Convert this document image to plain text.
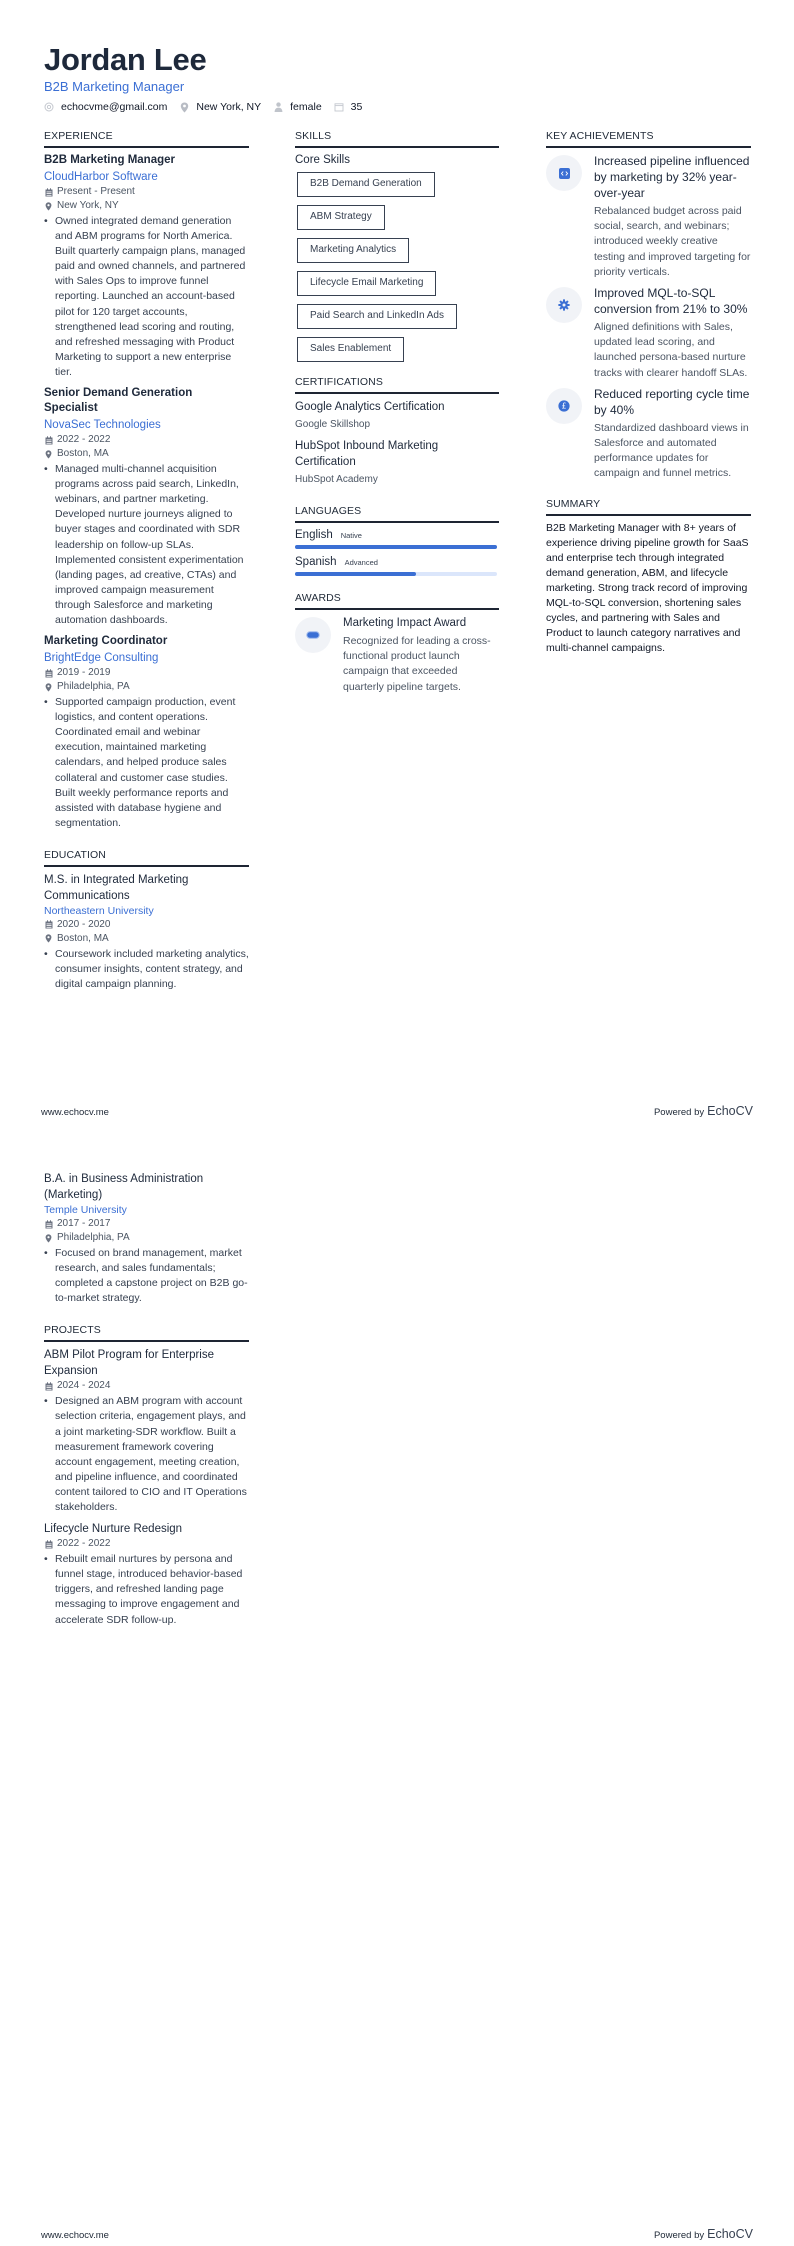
Jordan Lee
B2B Marketing Manager
echocvme@gmail.com	New York, NY	female	35
EXPERIENCE
B2B Marketing Manager
CloudHarbor Software
Present - Present
New York, NY
• Owned integrated demand generation and ABM programs for North America. Built quarterly campaign plans, managed paid and owned channels, and partnered with Sales Ops to improve funnel reporting. Launched an account-based pilot for 120 target accounts, strengthened lead scoring and routing, and refreshed messaging with Product Marketing to support a new enterprise tier.
Senior Demand Generation Specialist
NovaSec Technologies
2022 - 2022
Boston, MA
• Managed multi-channel acquisition programs across paid search, LinkedIn, webinars, and partner marketing. Developed nurture journeys aligned to buyer stages and coordinated with SDR leadership on follow-up SLAs. Implemented consistent experimentation (landing pages, ad creative, CTAs) and improved campaign measurement through Salesforce and marketing automation dashboards.
Marketing Coordinator
BrightEdge Consulting
2019 - 2019
Philadelphia, PA
• Supported campaign production, event logistics, and content operations. Coordinated email and webinar execution, maintained marketing calendars, and helped produce sales collateral and customer case studies. Built weekly performance reports and assisted with database hygiene and segmentation.
EDUCATION
M.S. in Integrated Marketing Communications
Northeastern University
2020 - 2020
Boston, MA
• Coursework included marketing analytics, consumer insights, content strategy, and digital campaign planning.
SKILLS
Core Skills
B2B Demand Generation
ABM Strategy
Marketing Analytics
Lifecycle Email Marketing
Paid Search and LinkedIn Ads
Sales Enablement
CERTIFICATIONS
Google Analytics Certification
Google Skillshop
HubSpot Inbound Marketing Certification
HubSpot Academy
LANGUAGES
English Native
Spanish Advanced
AWARDS
Marketing Impact Award
Recognized for leading a cross-functional product launch campaign that exceeded quarterly pipeline targets.
KEY ACHIEVEMENTS
Increased pipeline influenced by marketing by 32% year-over-year
Rebalanced budget across paid social, search, and webinars; introduced weekly creative testing and improved targeting for priority verticals.
Improved MQL-to-SQL conversion from 21% to 30%
Aligned definitions with Sales, updated lead scoring, and launched persona-based nurture tracks with clearer handoff SLAs.
£
Reduced reporting cycle time by 40%
Standardized dashboard views in Salesforce and automated performance updates for campaign and funnel metrics.
SUMMARY
B2B Marketing Manager with 8+ years of experience driving pipeline growth for SaaS and enterprise tech through integrated demand generation, ABM, and lifecycle marketing. Strong track record of improving MQL-to-SQL conversion, shortening sales cycles, and partnering with Sales and Product to launch category narratives and multi-channel campaigns.
www.echocv.me	Powered by EchoCV
B.A. in Business Administration (Marketing)
Temple University
2017 - 2017
Philadelphia, PA
• Focused on brand management, market research, and sales fundamentals; completed a capstone project on B2B go-to-market strategy.
PROJECTS
ABM Pilot Program for Enterprise Expansion
2024 - 2024
• Designed an ABM program with account selection criteria, engagement plays, and a joint marketing-SDR workflow. Built a measurement framework covering account engagement, meeting creation, and pipeline influence, and coordinated content tailored to CIO and IT Operations stakeholders.
Lifecycle Nurture Redesign
2022 - 2022
• Rebuilt email nurtures by persona and funnel stage, introduced behavior-based triggers, and refreshed landing page messaging to improve engagement and accelerate SDR follow-up.
www.echocv.me	Powered by EchoCV
